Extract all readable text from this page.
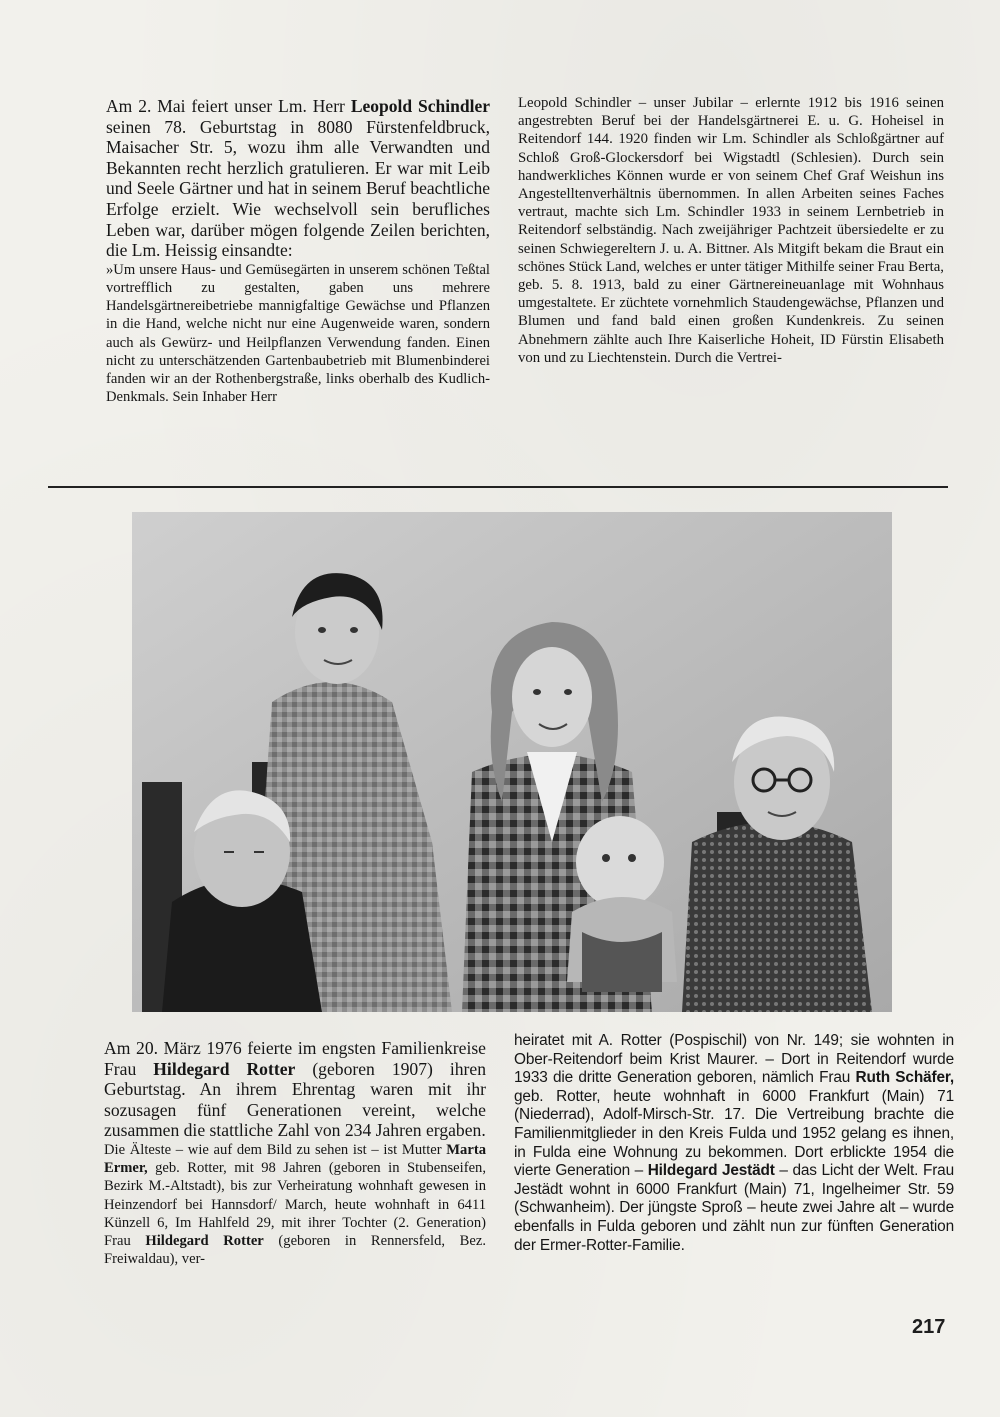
Am 2. Mai feiert unser Lm. Herr Leopold Schindler seinen 78. Geburtstag in 8080 Fürstenfeldbruck, Maisacher Str. 5, wozu ihm alle Verwandten und Bekannten recht herzlich gratulieren. Er war mit Leib und Seele Gärtner und hat in seinem Beruf beachtliche Erfolge erzielt. Wie wechselvoll sein berufliches Leben war, darüber mögen folgende Zeilen berichten, die Lm. Heissig einsandte:

»Um unsere Haus- und Gemüsegärten in unserem schönen Teßtal vortrefflich zu gestalten, gaben uns mehrere Handelsgärtnereibetriebe mannigfaltige Gewächse und Pflanzen in die Hand, welche nicht nur eine Augenweide waren, sondern auch als Gewürz- und Heilpflanzen Verwendung fanden. Einen nicht zu unterschätzenden Gartenbaubetrieb mit Blumenbinderei fanden wir an der Rothenbergstraße, links oberhalb des Kudlich-Denkmals. Sein Inhaber Herr

Leopold Schindler – unser Jubilar – erlernte 1912 bis 1916 seinen angestrebten Beruf bei der Handelsgärtnerei E. u. G. Hoheisel in Reitendorf 144. 1920 finden wir Lm. Schindler als Schloßgärtner auf Schloß Groß-Glockersdorf bei Wigstadtl (Schlesien). Durch sein handwerkliches Können wurde er von seinem Chef Graf Weishun ins Angestelltenverhältnis übernommen. In allen Arbeiten seines Faches vertraut, machte sich Lm. Schindler 1933 in seinem Lernbetrieb in Reitendorf selbständig. Nach zweijähriger Pachtzeit übersiedelte er zu seinen Schwiegereltern J. u. A. Bittner. Als Mitgift bekam die Braut ein schönes Stück Land, welches er unter tätiger Mithilfe seiner Frau Berta, geb. 5. 8. 1913, bald zu einer Gärtnereineuanlage mit Wohnhaus umgestaltete. Er züchtete vornehmlich Staudengewächse, Pflanzen und Blumen und fand bald einen großen Kundenkreis. Zu seinen Abnehmern zählte auch Ihre Kaiserliche Hoheit, ID Fürstin Elisabeth von und zu Liechtenstein. Durch die Vertrei-

Am 20. März 1976 feierte im engsten Familienkreise Frau Hildegard Rotter (geboren 1907) ihren Geburtstag. An ihrem Ehrentag waren mit ihr sozusagen fünf Generationen vereint, welche zusammen die stattliche Zahl von 234 Jahren ergaben.

Die Älteste – wie auf dem Bild zu sehen ist – ist Mutter Marta Ermer, geb. Rotter, mit 98 Jahren (geboren in Stubenseifen, Bezirk M.-Altstadt), bis zur Verheiratung wohnhaft gewesen in Heinzendorf bei Hannsdorf/ March, heute wohnhaft in 6411 Künzell 6, Im Hahlfeld 29, mit ihrer Tochter (2. Generation) Frau Hildegard Rotter (geboren in Rennersfeld, Bez. Freiwaldau), ver-

heiratet mit A. Rotter (Pospischil) von Nr. 149; sie wohnten in Ober-Reitendorf beim Krist Maurer. – Dort in Reitendorf wurde 1933 die dritte Generation geboren, nämlich Frau Ruth Schäfer, geb. Rotter, heute wohnhaft in 6000 Frankfurt (Main) 71 (Niederrad), Adolf-Mirsch-Str. 17. Die Vertreibung brachte die Familienmitglieder in den Kreis Fulda und 1952 gelang es ihnen, in Fulda eine Wohnung zu bekommen. Dort erblickte 1954 die vierte Generation – Hildegard Jestädt – das Licht der Welt. Frau Jestädt wohnt in 6000 Frankfurt (Main) 71, Ingelheimer Str. 59 (Schwanheim). Der jüngste Sproß – heute zwei Jahre alt – wurde ebenfalls in Fulda geboren und zählt nun zur fünften Generation der Ermer-Rotter-Familie.

217
